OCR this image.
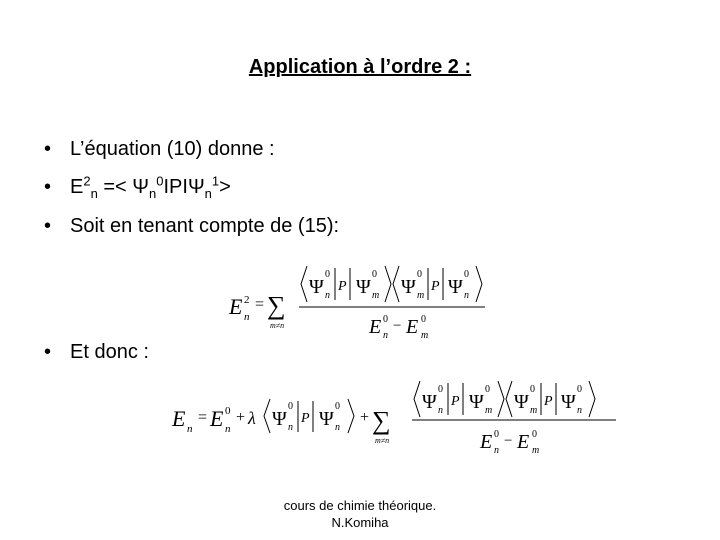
Application à l’ordre 2 :
• L’équation (10) donne :
• $E^2_n =< \Psi_n^0IPI\Psi_n^1>$
• Soit en tenant compte de (15):
E 2
n
= ∑
m≠n
Ψ
0
n
P Ψ
0
m Ψ
0
m
P Ψ
0
n
E 0
n
− E 0
m
• Et donc :
E n
= E 0
n
+ λ Ψ
0
n
P Ψ
0
n
+ ∑
m≠n
Ψ
0
n
P Ψ
0
m Ψ
0
m
P Ψ
0
n
E 0
n
− E 0
m
cours de chimie théorique.
N.Komiha
